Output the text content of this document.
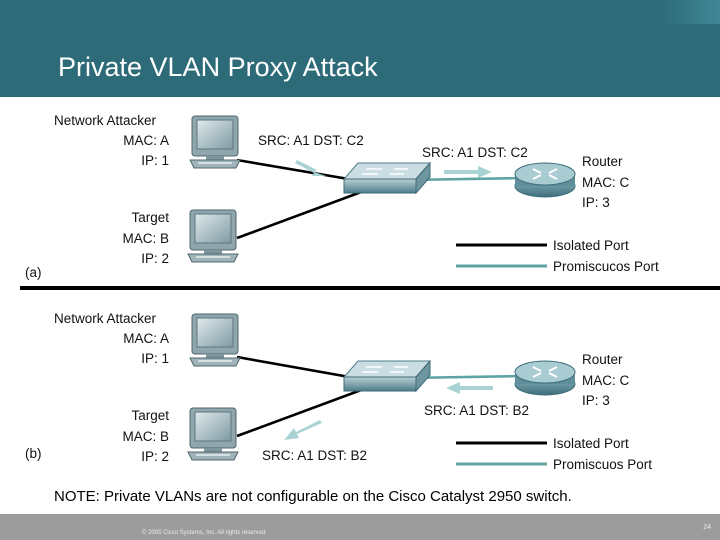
Private VLAN Proxy Attack
Network Attacker
MAC: A
IP: 1
Target
MAC: B
IP: 2
(a)
SRC: A1 DST: C2
SRC: A1 DST: C2
Router
MAC: C
IP: 3
Isolated Port
Promiscucos Port
Network Attacker
MAC: A
IP: 1
Target
MAC: B
IP: 2
(b)
SRC: A1 DST: B2
SRC: A1 DST: B2
Router
MAC: C
IP: 3
Isolated Port
Promiscuos Port
NOTE: Private VLANs are not configurable on the Cisco Catalyst 2950 switch.
© 2005 Cisco Systems, Inc. All rights reserved.
24
